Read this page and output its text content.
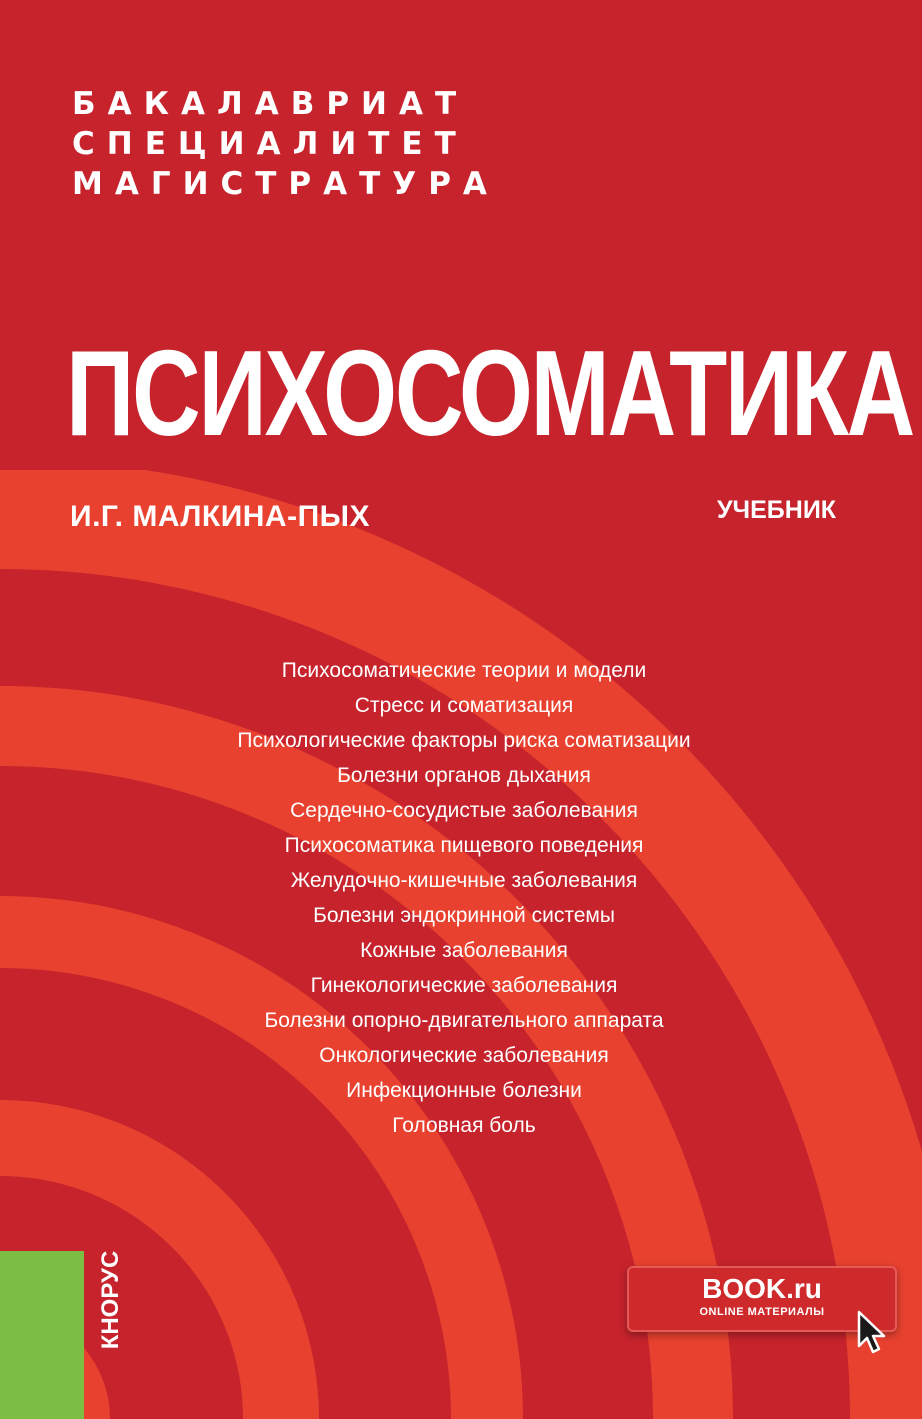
БАКАЛАВРИАТ
СПЕЦИАЛИТЕТ
МАГИСТРАТУРА
ПСИХОСОМАТИКА
И.Г. МАЛКИНА-ПЫХ	УЧЕБНИК
Психосоматические теории и модели
Стресс и соматизация
Психологические факторы риска соматизации
Болезни органов дыхания
Сердечно-сосудистые заболевания
Психосоматика пищевого поведения
Желудочно-кишечные заболевания
Болезни эндокринной системы
Кожные заболевания
Гинекологические заболевания
Болезни опорно-двигательного аппарата
Онкологические заболевания
Инфекционные болезни
Головная боль
КНОРУС	BOOK.ru
ONLINE МАТЕРИАЛЫ
